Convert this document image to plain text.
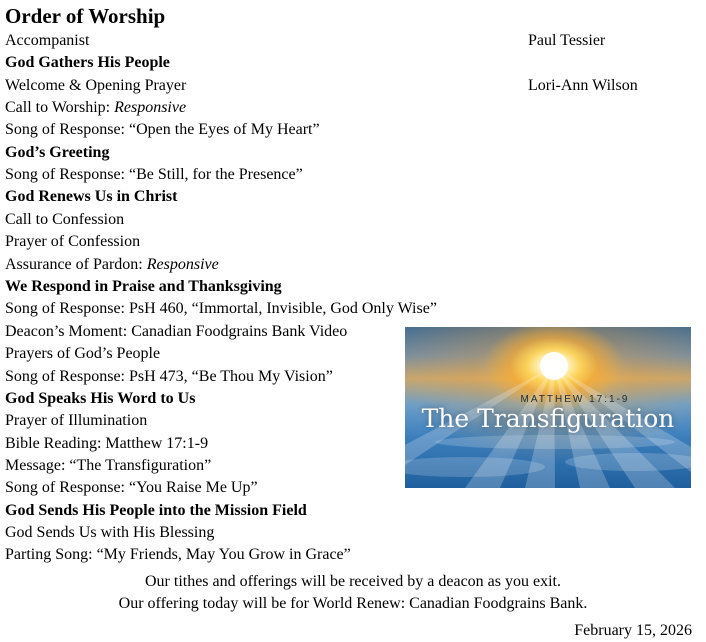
Order of Worship
Accompanist	Paul Tessier
God Gathers His People
Welcome & Opening Prayer	Lori-Ann Wilson
Call to Worship: Responsive
Song of Response: “Open the Eyes of My Heart”
God’s Greeting
Song of Response: “Be Still, for the Presence”
God Renews Us in Christ
Call to Confession
Prayer of Confession
Assurance of Pardon: Responsive
We Respond in Praise and Thanksgiving
Song of Response: PsH 460, “Immortal, Invisible, God Only Wise”
Deacon’s Moment: Canadian Foodgrains Bank Video
Prayers of God’s People
Song of Response: PsH 473, “Be Thou My Vision”
God Speaks His Word to Us
Prayer of Illumination
Bible Reading: Matthew 17:1-9
Message: “The Transfiguration”
Song of Response: “You Raise Me Up”
God Sends His People into the Mission Field
God Sends Us with His Blessing
Parting Song: “My Friends, May You Grow in Grace”
MATTHEW 17:1-9
The Transfiguration
Our tithes and offerings will be received by a deacon as you exit.
Our offering today will be for World Renew: Canadian Foodgrains Bank.
February 15, 2026
